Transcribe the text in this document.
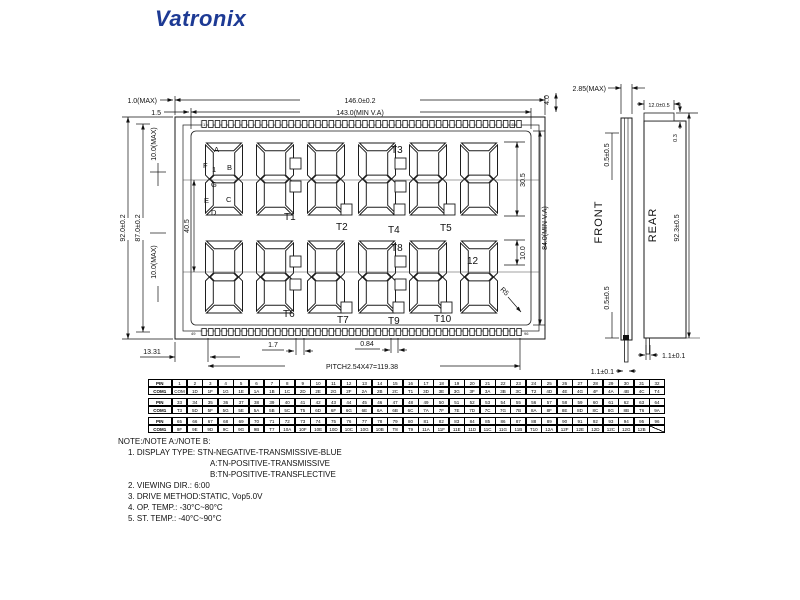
Vatronix
T1
T2
T3
T4	T5
T6
T7
T8
T9	T10
12
A
F 1 B
G
E C
D
1	48
49	96
1.0(MAX)
1.5
146.0±0.2
143.0(MIN V.A)
4.0
92.0±0.2 87.0±0.2
10.0(MAX)
10.0(MAX)
40.5
30.5
10.0
84.0(MIN V.A)
13.31
1.7	0.84
PITCH2.54X47=119.38
R5
2.85(MAX)
12.0±0.5
0.3
0.5±0.5
0.5±0.5
FRONT	REAR 92.3±0.5
1.1±0.1
1.1±0.1
PIN	1	2	3	4	5	6	7	8	9	10	11	12	13	14	15	16	17	18	19	20	21	22	23	24	25	26	27	28	29	30	31	32
COM1	COM	1D	1F	1G	1E	1A	1B	1C	2D	2E	2G	2F	2A	2B	2C	T1	3D	3E	3G	3F	3A	3B	3C	T2	4D	4E	4G	4F	4A	4B	4C	T4
PIN	33	34	35	36	37	38	39	40	41	42	43	44	45	46	47	48	49	50	51	52	53	54	55	56	57	58	59	60	61	62	63	64
COM1	T3	5D	5F	5G	5E	5A	5B	5C	T5	6D	6F	6G	6E	6A	6B	6C	7A	7F	7E	7D	7C	7G	7B	8A	8F	8E	8D	8C	8G	8B	T6	9A
PIN	65	66	67	68	69	70	71	72	73	74	75	76	77	78	79	80	81	82	83	84	85	86	87	88	89	90	91	92	93	94	95	96
COM1	9F	9E	9D	9C	9G	9B	T7	10A	10F	10E	10D	10C	10G	10B	T8	T9	11A	11F	11E	11D	11C	11G	11B	T10	12A	12F	12E	12D	12C	12G	12B
NOTE:/NOTE A:/NOTE B:
1. DISPLAY TYPE: STN-NEGATIVE-TRANSMISSIVE-BLUE
A:TN-POSITIVE-TRANSMISSIVE
B:TN-POSITIVE-TRANSFLECTIVE
2. VIEWING DIR.: 6:00
3. DRIVE METHOD:STATIC, Vop5.0V
4. OP. TEMP.: -30°C~80°C
5. ST. TEMP.: -40°C~90°C
